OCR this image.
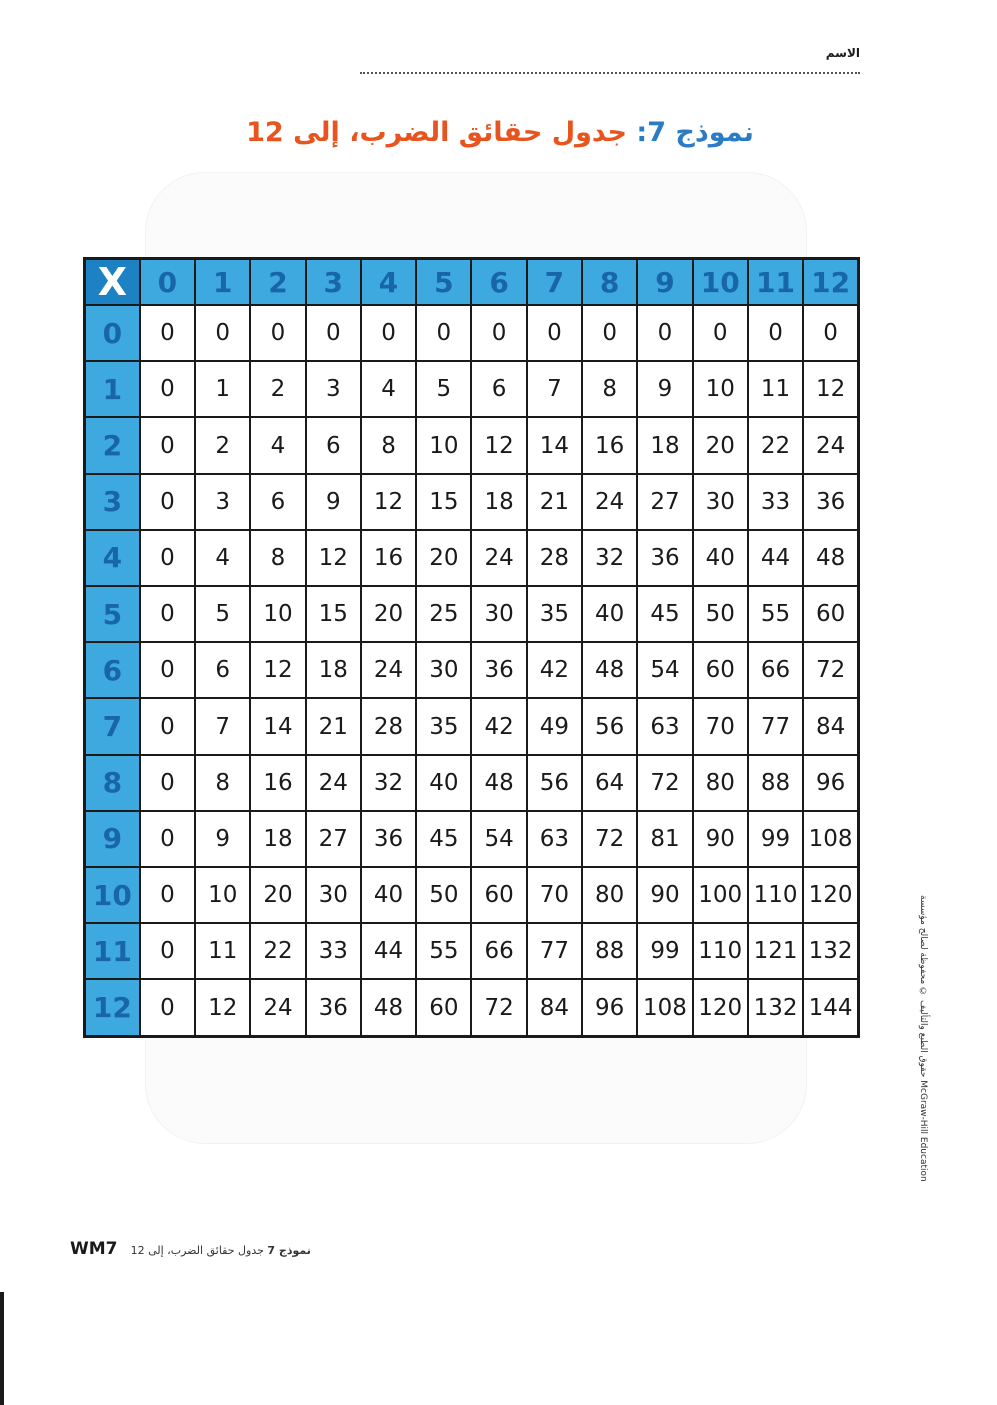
الاسم
نموذج 7: جدول حقائق الضرب، إلى 12
X	0	1	2	3	4	5	6	7	8	9	10	11	12
0	0	0	0	0	0	0	0	0	0	0	0	0	0
1	0	1	2	3	4	5	6	7	8	9	10	11	12
2	0	2	4	6	8	10	12	14	16	18	20	22	24
3	0	3	6	9	12	15	18	21	24	27	30	33	36
4	0	4	8	12	16	20	24	28	32	36	40	44	48
5	0	5	10	15	20	25	30	35	40	45	50	55	60
6	0	6	12	18	24	30	36	42	48	54	60	66	72
7	0	7	14	21	28	35	42	49	56	63	70	77	84
8	0	8	16	24	32	40	48	56	64	72	80	88	96
9	0	9	18	27	36	45	54	63	72	81	90	99	108
10	0	10	20	30	40	50	60	70	80	90	100	110	120
11	0	11	22	33	44	55	66	77	88	99	110	121	132
12	0	12	24	36	48	60	72	84	96	108	120	132	144	حقوق الطبع والتأليف © محفوظة لصالح مؤسسة McGraw-Hill Education
WM7	نموذج 7 جدول حقائق الضرب، إلى 12
